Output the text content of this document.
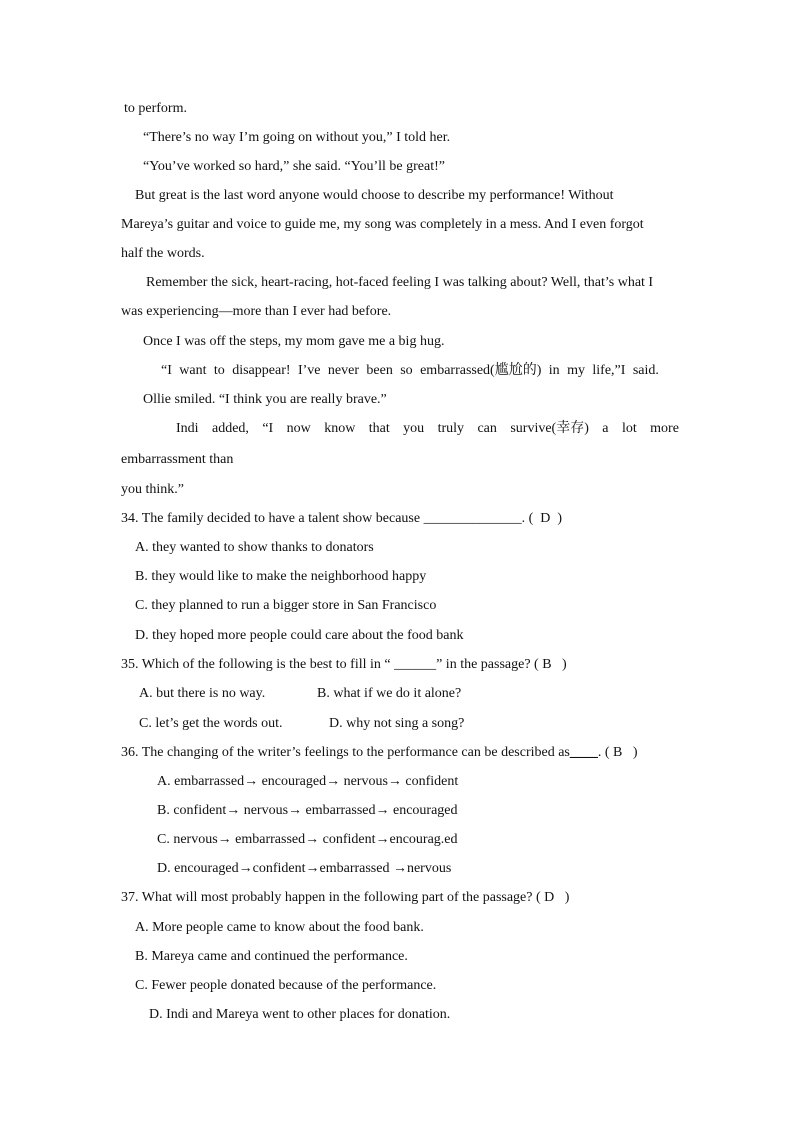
to perform.
“There’s no way I’m going on without you,” I told her.
“You’ve worked so hard,” she said. “You’ll be great!”
But great is the last word anyone would choose to describe my performance! Without
Mareya’s guitar and voice to guide me, my song was completely in a mess. And I even forgot
half the words.
Remember the sick, heart-racing, hot-faced feeling I was talking about? Well, that’s what I
was experiencing—more than I ever had before.
Once I was off the steps, my mom gave me a big hug.
“I want to disappear! I’ve never been so embarrassed(尴尬的) in my life,”I said.
Ollie smiled. “I think you are really brave.”
Indi added, “I now know that you truly can survive(幸存) a lot more
embarrassment than
you think.”
34. The family decided to have a talent show because ______________. (  D  )
A. they wanted to show thanks to donators
B. they would like to make the neighborhood happy
C. they planned to run a bigger store in San Francisco
D. they hoped more people could care about the food bank
35. Which of the following is the best to fill in “ ______” in the passage? ( B   )
A. but there is no way.	B. what if we do it alone?
C. let’s get the words out.	D. why not sing a song?
36. The changing of the writer’s feelings to the performance can be described as____. ( B   )
A. embarrassed→ encouraged→ nervous→ confident
B. confident→ nervous→ embarrassed→ encouraged
C. nervous→ embarrassed→ confident→encourag.ed
D. encouraged→confident→embarrassed →nervous
37. What will most probably happen in the following part of the passage? ( D   )
A. More people came to know about the food bank.
B. Mareya came and continued the performance.
C. Fewer people donated because of the performance.
D. Indi and Mareya went to other places for donation.
